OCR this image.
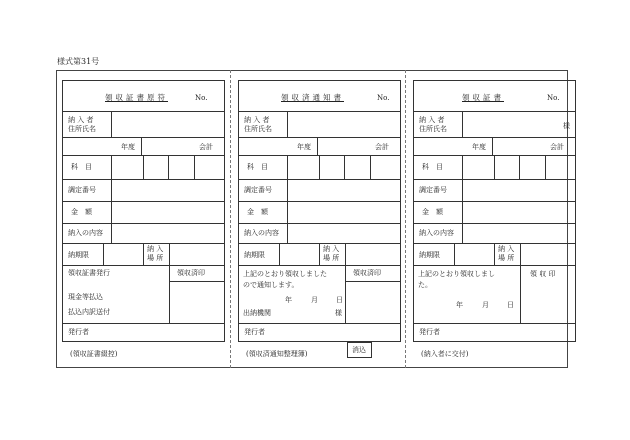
様式第31号
領収証書原符	No.
納 入 者
住所氏名
年度	会計
科　目
調定番号
金　額
納入の内容
納期限
納 入
場 所
領収証書発行
現金等払込
払込内訳送付
領収済印
発行者
(領収証書綴控)
領収済通知書	No.
納 入 者
住所氏名
年度	会計
科　目
調定番号
金　額
納入の内容
納期限
納 入
場 所
上記のとおり領収しました
ので通知します。
年	月	日
出納機関	様
領収済印
発行者
消込
(領収済通知整理簿)
領収証書	No.
納 入 者
住所氏名	様
年度	会計
科　目
調定番号
金　額
納入の内容
納期限
納 入
場 所
上記のとおり領収しまし
た。
年	月	日
領 収 印
発行者
(納入者に交付)
